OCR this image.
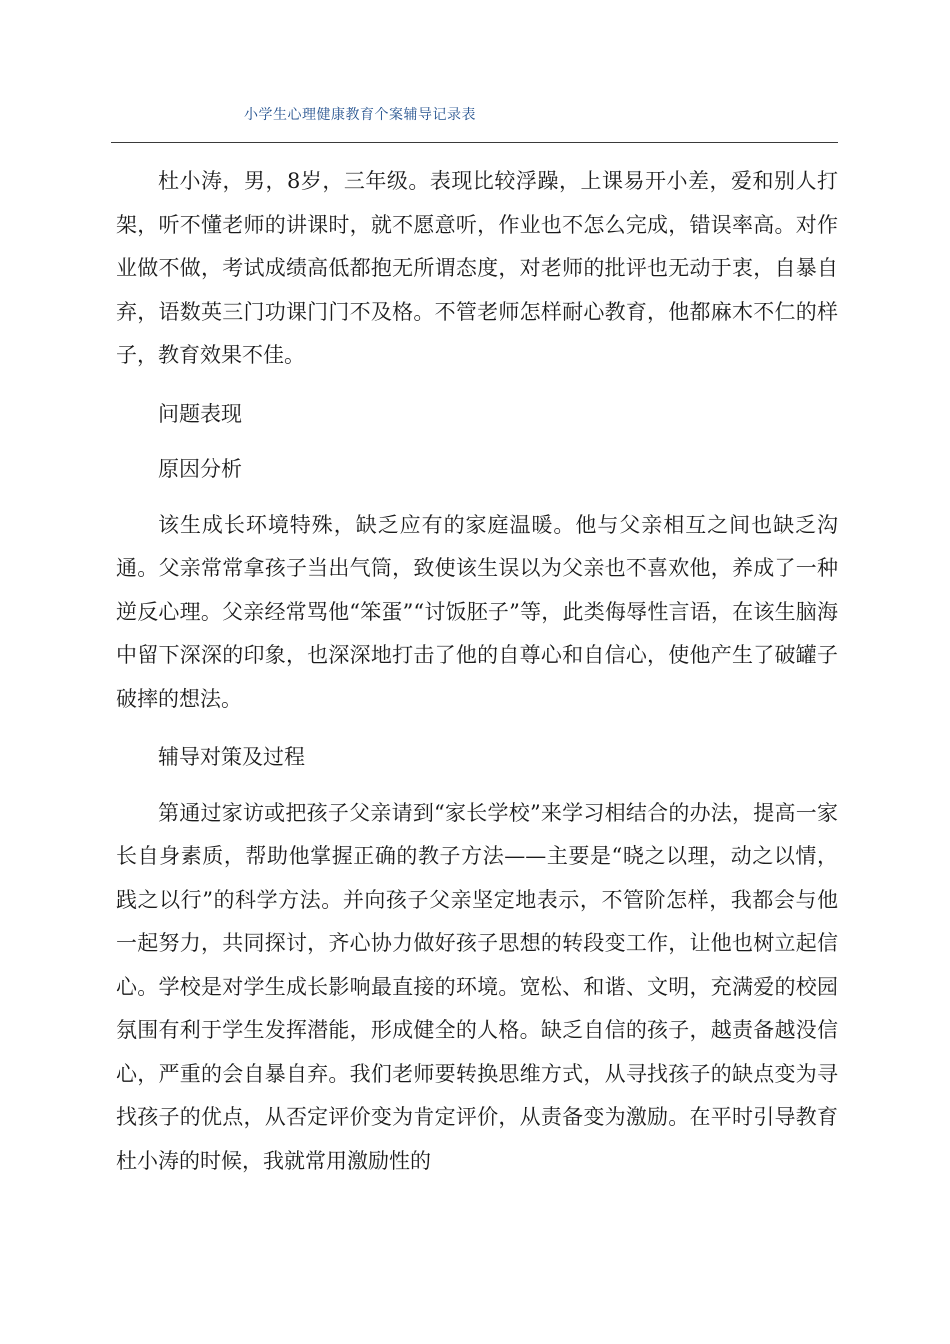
小学生心理健康教育个案辅导记录表

杜小涛，男，8岁，三年级。表现比较浮躁，上课易开小差，爱和别人打架，听不懂老师的讲课时，就不愿意听，作业也不怎么完成，错误率高。对作业做不做，考试成绩高低都抱无所谓态度，对老师的批评也无动于衷，自暴自弃，语数英三门功课门门不及格。不管老师怎样耐心教育，他都麻木不仁的样子，教育效果不佳。

问题表现

原因分析

该生成长环境特殊，缺乏应有的家庭温暖。他与父亲相互之间也缺乏沟通。父亲常常拿孩子当出气筒，致使该生误以为父亲也不喜欢他，养成了一种逆反心理。父亲经常骂他“笨蛋”“讨饭胚子”等，此类侮辱性言语，在该生脑海中留下深深的印象，也深深地打击了他的自尊心和自信心，使他产生了破罐子破摔的想法。

辅导对策及过程

第通过家访或把孩子父亲请到“家长学校”来学习相结合的办法，提高一家长自身素质，帮助他掌握正确的教子方法——主要是“晓之以理，动之以情，践之以行”的科学方法。并向孩子父亲坚定地表示，不管阶怎样，我都会与他一起努力，共同探讨，齐心协力做好孩子思想的转段变工作，让他也树立起信心。学校是对学生成长影响最直接的环境。宽松、和谐、文明，充满爱的校园氛围有利于学生发挥潜能，形成健全的人格。缺乏自信的孩子，越责备越没信心，严重的会自暴自弃。我们老师要转换思维方式，从寻找孩子的缺点变为寻找孩子的优点，从否定评价变为肯定评价，从责备变为激励。在平时引导教育杜小涛的时候，我就常用激励性的
